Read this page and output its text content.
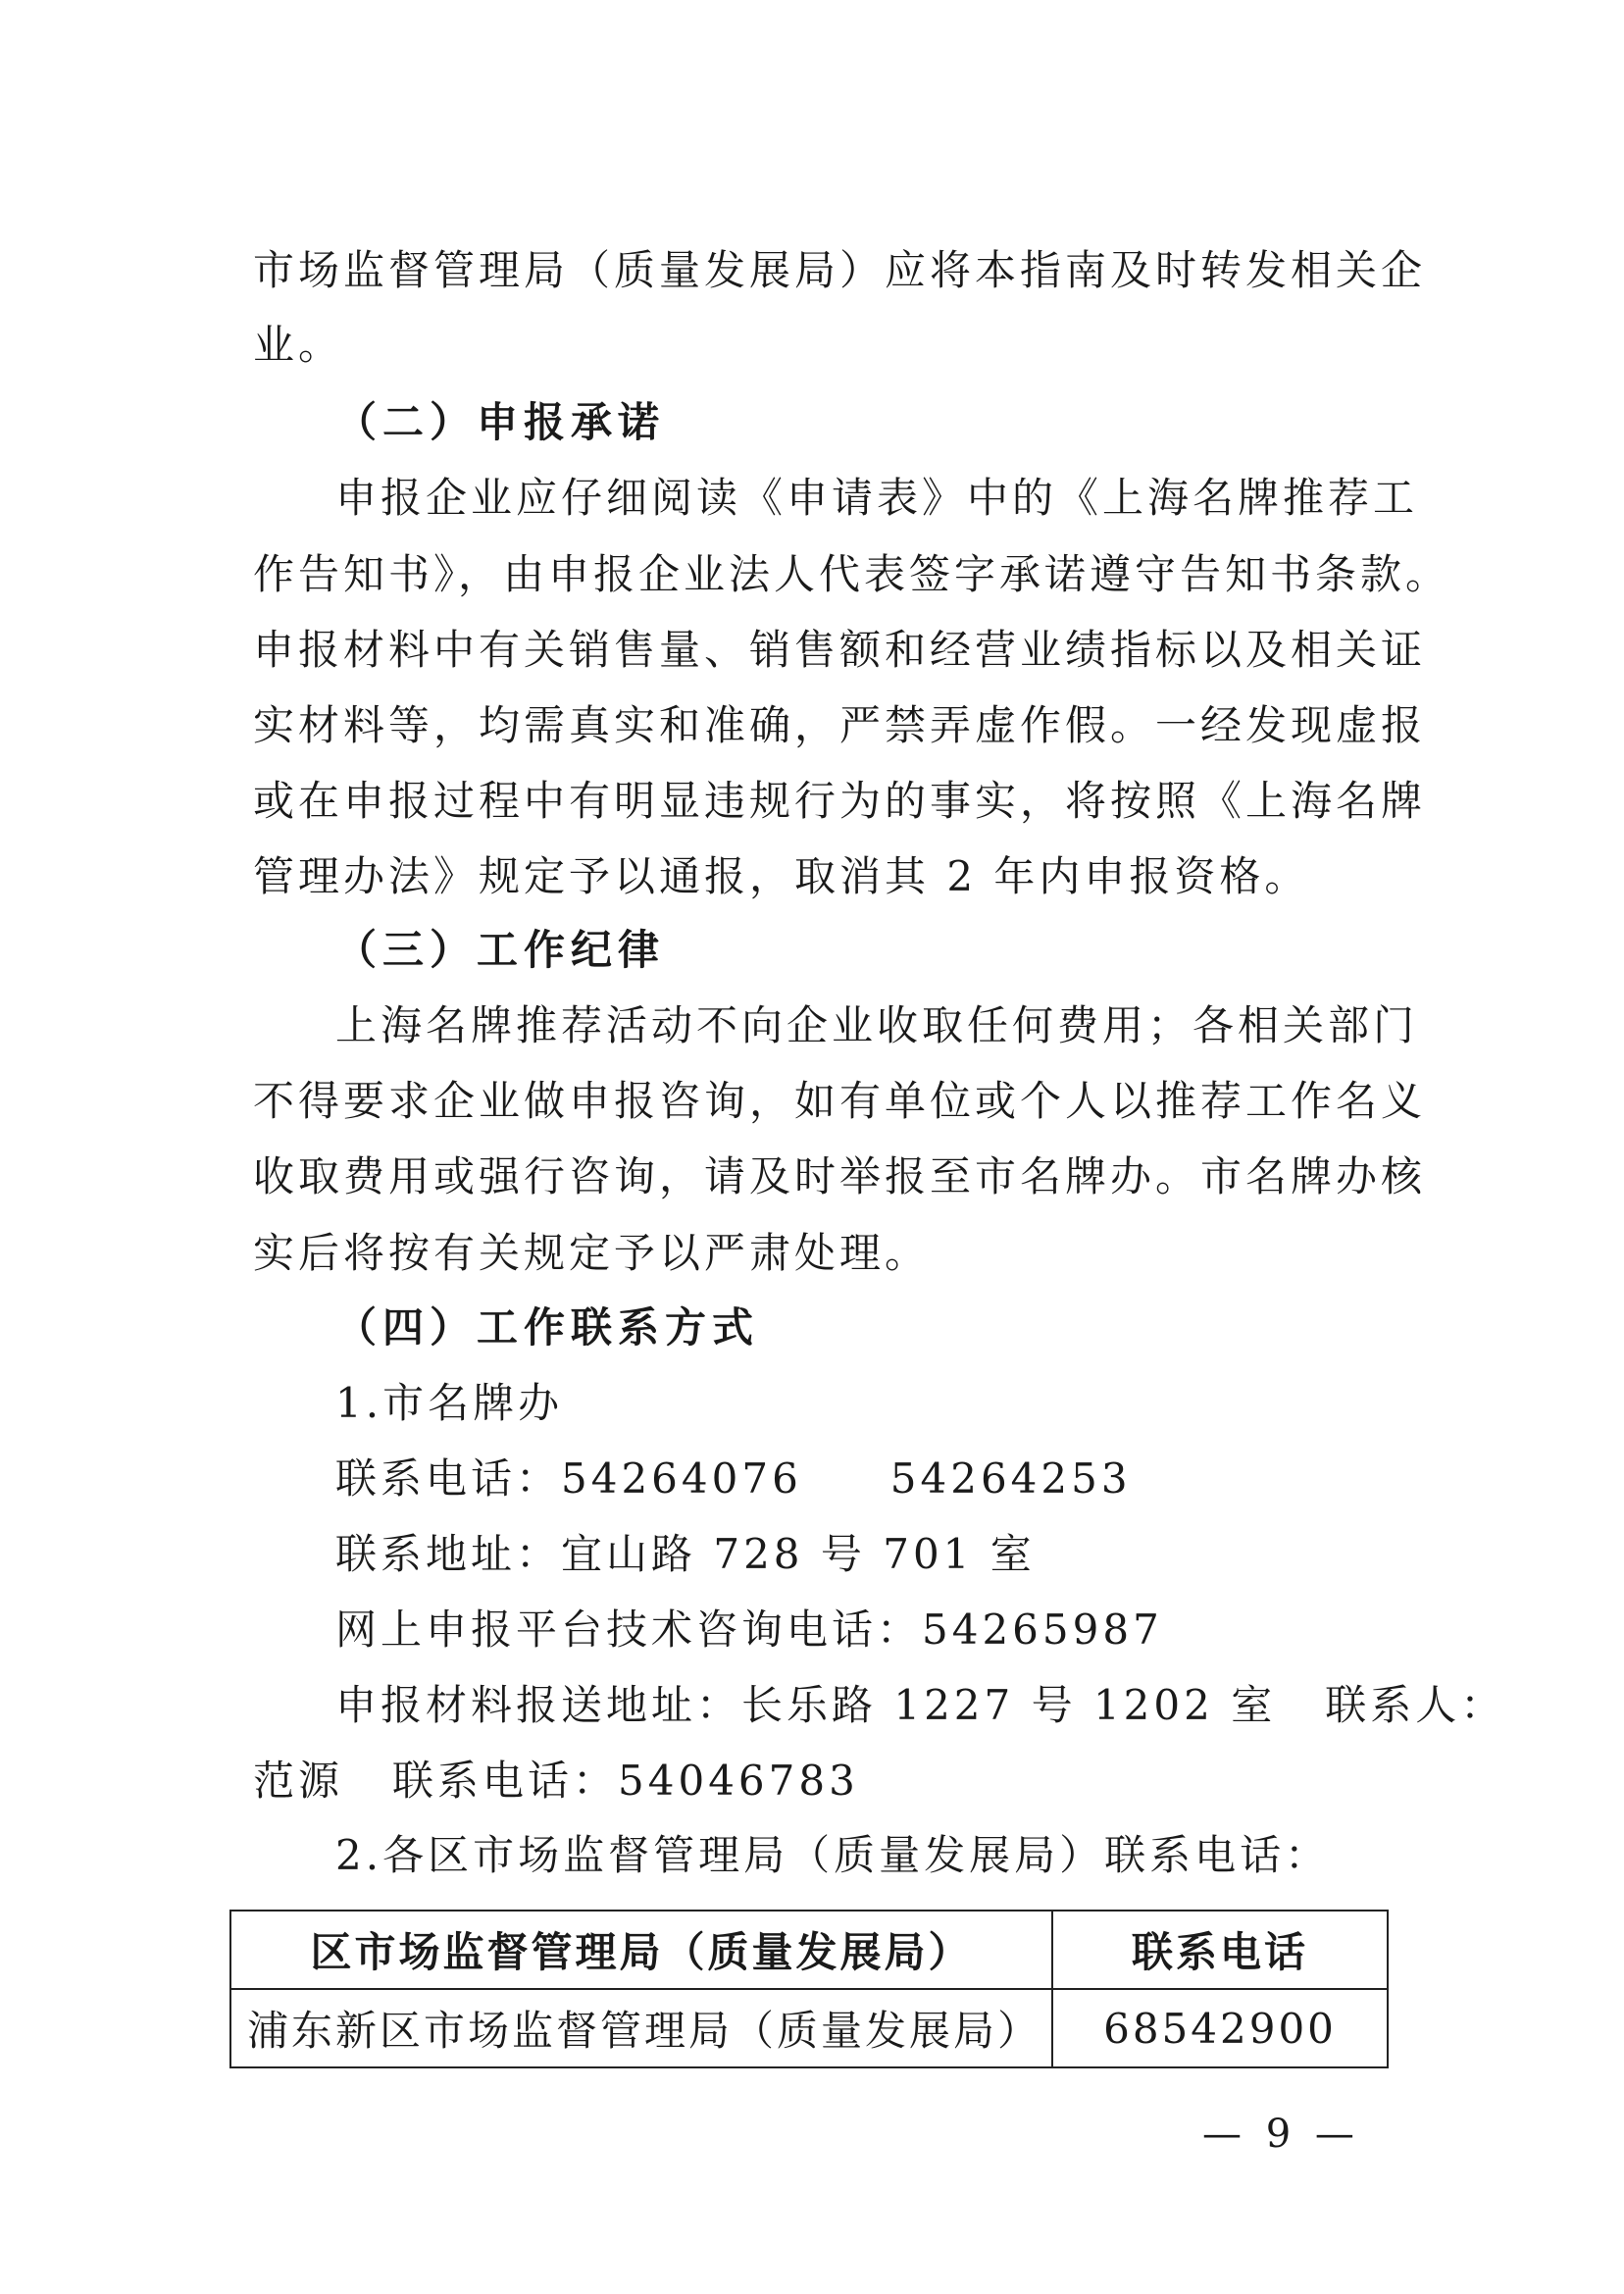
市场监督管理局（质量发展局）应将本指南及时转发相关企
业。
（二）申报承诺
申报企业应仔细阅读《申请表》中的《上海名牌推荐工
作告知书》，由申报企业法人代表签字承诺遵守告知书条款。
申报材料中有关销售量、销售额和经营业绩指标以及相关证
实材料等，均需真实和准确，严禁弄虚作假。一经发现虚报
或在申报过程中有明显违规行为的事实，将按照《上海名牌
管理办法》规定予以通报，取消其 2 年内申报资格。
（三）工作纪律
上海名牌推荐活动不向企业收取任何费用；各相关部门
不得要求企业做申报咨询，如有单位或个人以推荐工作名义
收取费用或强行咨询，请及时举报至市名牌办。市名牌办核
实后将按有关规定予以严肃处理。
（四）工作联系方式
1.市名牌办
联系电话：54264076 54264253
联系地址：宜山路 728 号 701 室
网上申报平台技术咨询电话：54265987
申报材料报送地址：长乐路 1227 号 1202 室 联系人：
范源 联系电话：54046783
2.各区市场监督管理局（质量发展局）联系电话：
区市场监督管理局（质量发展局）	联系电话
浦东新区市场监督管理局（质量发展局）	68542900
— 9 —
